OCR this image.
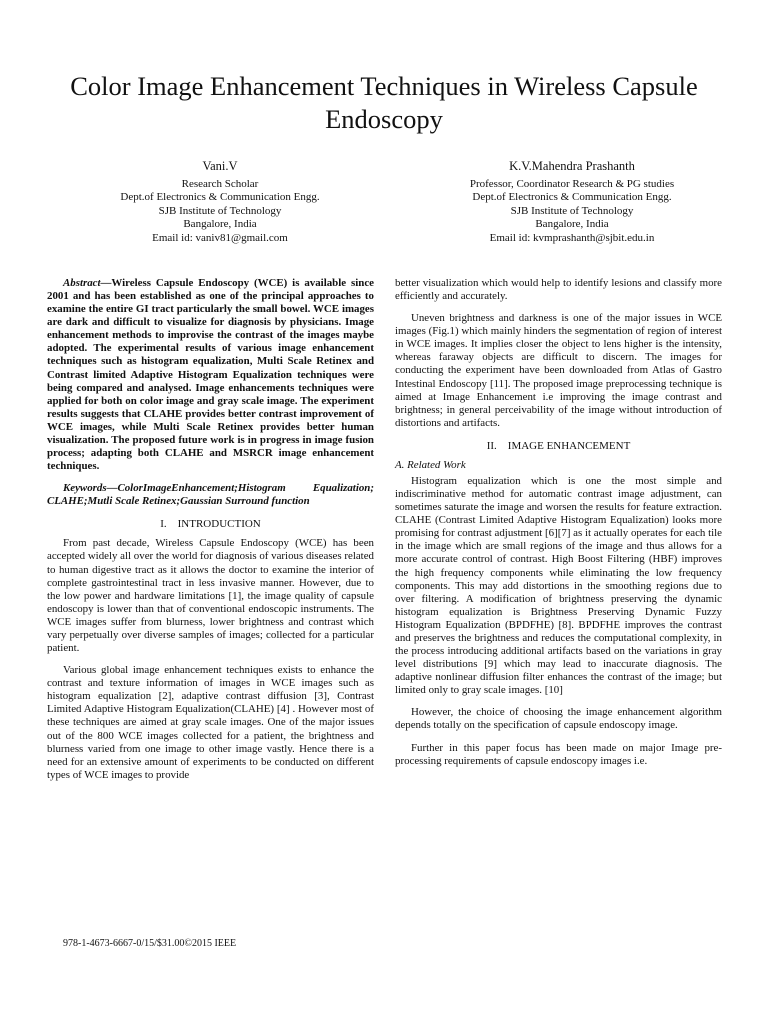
Color Image Enhancement Techniques in Wireless Capsule Endoscopy
Vani.V
Research Scholar
Dept.of Electronics & Communication Engg.
SJB Institute of Technology
Bangalore, India
Email id: vaniv81@gmail.com
K.V.Mahendra Prashanth
Professor, Coordinator Research & PG studies
Dept.of Electronics & Communication Engg.
SJB Institute of Technology
Bangalore, India
Email id: kvmprashanth@sjbit.edu.in

Abstract—Wireless Capsule Endoscopy (WCE) is available since 2001 and has been established as one of the principal approaches to examine the entire GI tract particularly the small bowel. WCE images are dark and difficult to visualize for diagnosis by physicians. Image enhancement methods to improvise the contrast of the images maybe adopted. The experimental results of various image enhancement techniques such as histogram equalization, Multi Scale Retinex and Contrast limited Adaptive Histogram Equalization techniques were being compared and analysed. Image enhancements techniques were applied for both on color image and gray scale image. The experiment results suggests that CLAHE provides better contrast improvement of WCE images, while Multi Scale Retinex provides better human visualization. The proposed future work is in progress in image fusion process; adapting both CLAHE and MSRCR image enhancement techniques.

Keywords—ColorImageEnhancement;Histogram Equalization; CLAHE;Mutli Scale Retinex;Gaussian Surround function

I. INTRODUCTION

From past decade, Wireless Capsule Endoscopy (WCE) has been accepted widely all over the world for diagnosis of various diseases related to human digestive tract as it allows the doctor to examine the interior of complete gastrointestinal tract in less invasive manner. However, due to the low power and hardware limitations [1], the image quality of capsule endoscopy is lower than that of conventional endoscopic instruments. The WCE images suffer from blurness, lower brightness and contrast which vary perpetually over diverse samples of images; collected for a particular patient.

Various global image enhancement techniques exists to enhance the contrast and texture information of images in WCE images such as histogram equalization [2], adaptive contrast diffusion [3], Contrast Limited Adaptive Histogram Equalization(CLAHE) [4] . However most of these techniques are aimed at gray scale images. One of the major issues out of the 800 WCE images collected for a patient, the brightness and blurness varied from one image to other image vastly. Hence there is a need for an extensive amount of experiments to be conducted on different types of WCE images to provide

better visualization which would help to identify lesions and classify more efficiently and accurately.

Uneven brightness and darkness is one of the major issues in WCE images (Fig.1) which mainly hinders the segmentation of region of interest in WCE images. It implies closer the object to lens higher is the intensity, whereas faraway objects are difficult to discern. The images for conducting the experiment have been downloaded from Atlas of Gastro Intestinal Endoscopy [11]. The proposed image preprocessing technique is aimed at Image Enhancement i.e improving the image contrast and brightness; in general perceivability of the image without introduction of distortions and artifacts.

II. IMAGE ENHANCEMENT
A. Related Work

Histogram equalization which is one the most simple and indiscriminative method for automatic contrast image adjustment, can sometimes saturate the image and worsen the results for feature extraction. CLAHE (Contrast Limited Adaptive Histogram Equalization) looks more promising for contrast adjustment [6][7] as it actually operates for each tile in the image which are small regions of the image and thus allows for a more accurate control of contrast. High Boost Filtering (HBF) improves the high frequency components while eliminating the low frequency components. This may add distortions in the smoothing regions due to over filtering. A modification of brightness preserving the dynamic histogram equalization is Brightness Preserving Dynamic Fuzzy Histogram Equalization (BPDFHE) [8]. BPDFHE improves the contrast and preserves the brightness and reduces the computational complexity, in the process introducing additional artifacts based on the variations in gray level distributions [9] which may lead to inaccurate diagnosis. The adaptive nonlinear diffusion filter enhances the contrast of the image; but limited only to gray scale images. [10]

However, the choice of choosing the image enhancement algorithm depends totally on the specification of capsule endoscopy image.

Further in this paper focus has been made on major Image pre-processing requirements of capsule endoscopy images i.e.

978-1-4673-6667-0/15/$31.00©2015 IEEE
